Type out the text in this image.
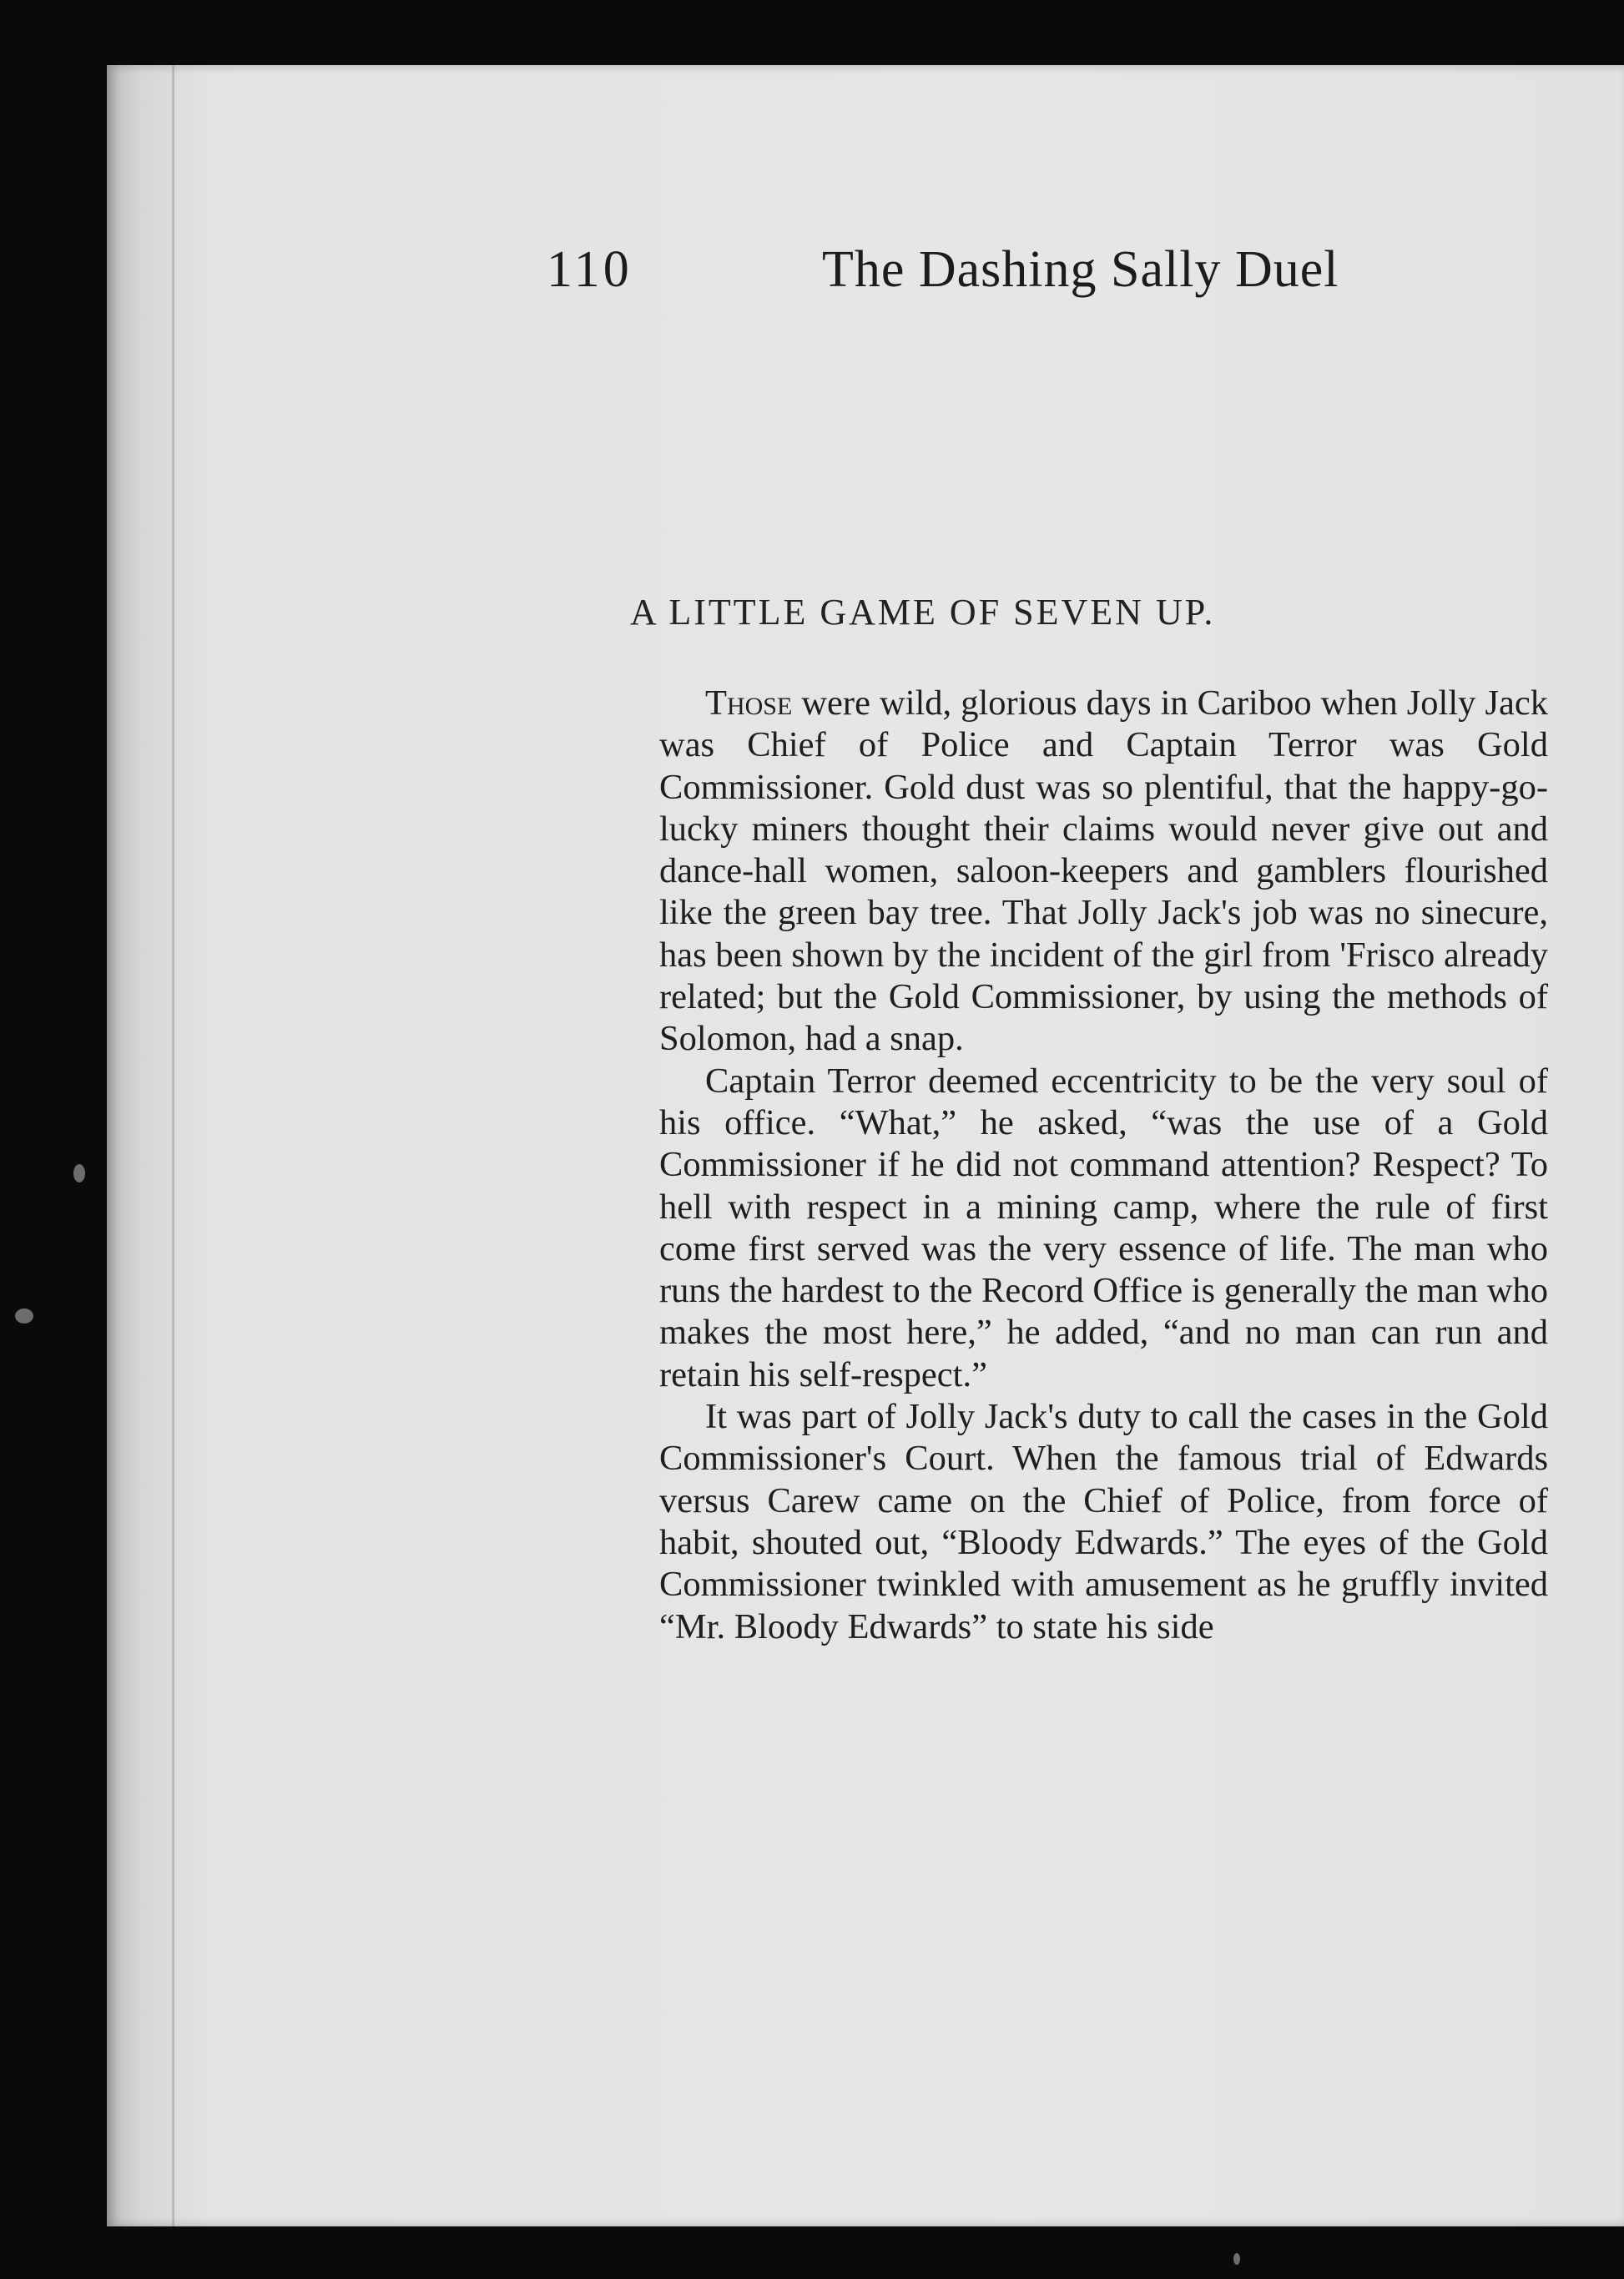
110	The Dashing Sally Duel
A LITTLE GAME OF SEVEN UP.

Those were wild, glorious days in Cariboo when Jolly Jack was Chief of Police and Captain Terror was Gold Commissioner. Gold dust was so plentiful, that the happy-go-lucky miners thought their claims would never give out and dance-hall women, saloon-keepers and gamblers flourished like the green bay tree. That Jolly Jack's job was no sinecure, has been shown by the incident of the girl from 'Frisco already related; but the Gold Commissioner, by using the methods of Solomon, had a snap.

Captain Terror deemed eccentricity to be the very soul of his office. “What,” he asked, “was the use of a Gold Commissioner if he did not command attention? Respect? To hell with respect in a mining camp, where the rule of first come first served was the very essence of life. The man who runs the hardest to the Record Office is generally the man who makes the most here,” he added, “and no man can run and retain his self-respect.”

It was part of Jolly Jack's duty to call the cases in the Gold Commissioner's Court. When the famous trial of Edwards versus Carew came on the Chief of Police, from force of habit, shouted out, “Bloody Edwards.” The eyes of the Gold Commissioner twinkled with amusement as he gruffly invited “Mr. Bloody Edwards” to state his side
